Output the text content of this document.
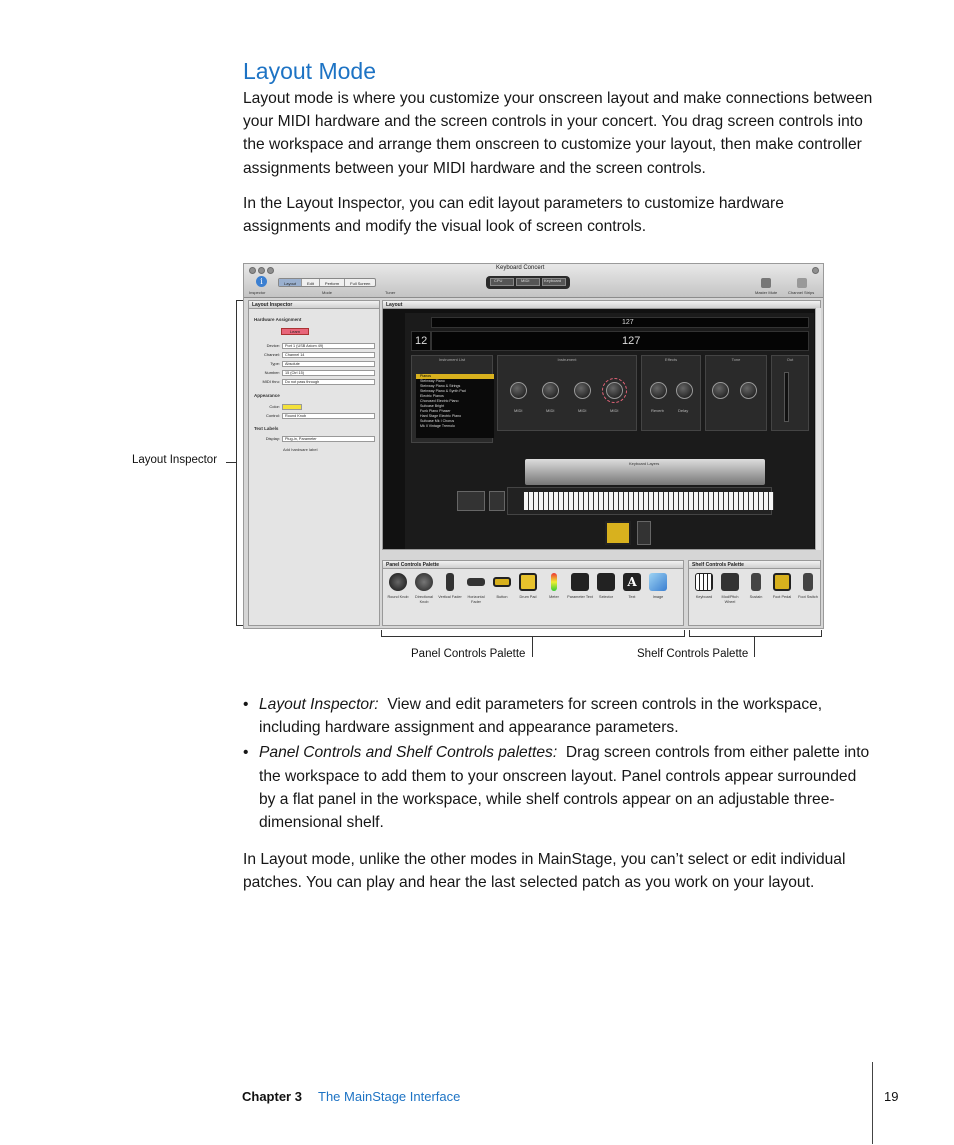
Layout Mode

Layout mode is where you customize your onscreen layout and make connections between your MIDI hardware and the screen controls in your concert. You drag screen controls into the workspace and arrange them onscreen to customize your layout, then make controller assignments between your MIDI hardware and the screen controls.

In the Layout Inspector, you can edit layout parameters to customize hardware assignments and modify the visual look of screen controls.

Keyboard Concert
i
Inspector
Layout	Edit	Perform	Full Screen
Mode	Tuner
CPU	MIDI	Keyboard
Master Mute	Channel Strips
Layout Inspector
Hardware Assignment
Learn
Device:	Port 1 (USB Axiom 49)
Channel:	Channel 14
Type:	Absolute
Number:	15 (Ctrl 15)
MIDI thru:	Do not pass through
Appearance
Color:
Control:	Round Knob
Text Labels
Display:	Plug-in, Parameter
Add hardware label
Layout
127
12	127
Instrument List
Pianos
Steinway Piano
Steinway Piano & Strings
Steinway Piano & Synth Pad
Electric Pianos
Chorused Electric Piano
Suitcase Bright
Funk Piano Phaser
Hard Stage Electric Piano
Suitcase Mk I Chorus
Mk II Vintage Tremolo
Instrument
MIDI	MIDI	MIDI	MIDI
Effects
Reverb	Delay
Tone	Out
Keyboard Layers
Panel Controls Palette
Round Knob	Directional Knob
Vertical Fader	Horizontal Fader
Button	Drum Pad	Meter	Parameter Text	Selector
A
Text	Image
Shelf Controls Palette
Keyboard	Mod/Pitch Wheel
Sustain	Foot Pedal	Foot Switch
Layout Inspector
Panel Controls Palette	Shelf Controls Palette
• Layout Inspector: View and edit parameters for screen controls in the workspace, including hardware assignment and appearance parameters.
• Panel Controls and Shelf Controls palettes: Drag screen controls from either palette into the workspace to add them to your onscreen layout. Panel controls appear surrounded by a flat panel in the workspace, while shelf controls appear on an adjustable three-dimensional shelf.

In Layout mode, unlike the other modes in MainStage, you can’t select or edit individual patches. You can play and hear the last selected patch as you work on your layout.

Chapter 3 The MainStage Interface	19
